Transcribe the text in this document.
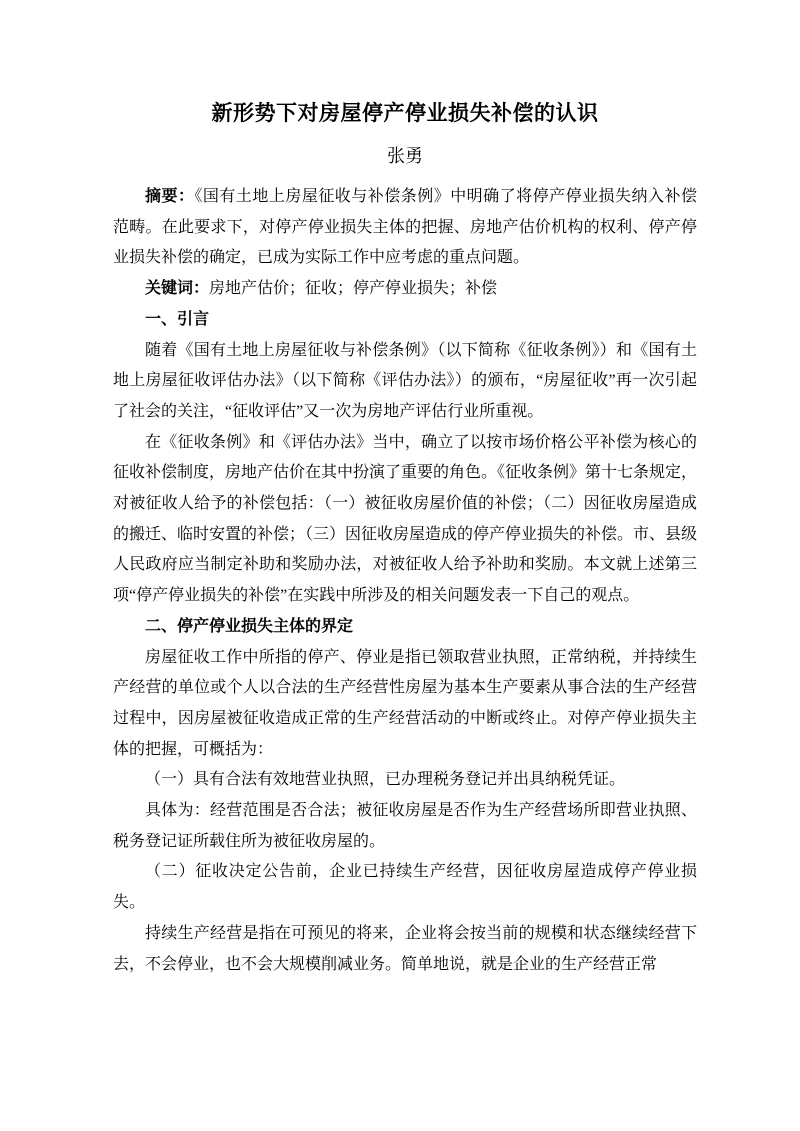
新形势下对房屋停产停业损失补偿的认识
张勇

摘要：《国有土地上房屋征收与补偿条例》中明确了将停产停业损失纳入补偿范畴。在此要求下，对停产停业损失主体的把握、房地产估价机构的权利、停产停业损失补偿的确定，已成为实际工作中应考虑的重点问题。

关键词：房地产估价；征收；停产停业损失；补偿

一、引言

随着《国有土地上房屋征收与补偿条例》（以下简称《征收条例》）和《国有土地上房屋征收评估办法》（以下简称《评估办法》）的颁布，“房屋征收”再一次引起了社会的关注，“征收评估”又一次为房地产评估行业所重视。

在《征收条例》和《评估办法》当中，确立了以按市场价格公平补偿为核心的征收补偿制度，房地产估价在其中扮演了重要的角色。《征收条例》第十七条规定，对被征收人给予的补偿包括：（一）被征收房屋价值的补偿；（二）因征收房屋造成的搬迁、临时安置的补偿；（三）因征收房屋造成的停产停业损失的补偿。市、县级人民政府应当制定补助和奖励办法，对被征收人给予补助和奖励。本文就上述第三项“停产停业损失的补偿”在实践中所涉及的相关问题发表一下自己的观点。

二、停产停业损失主体的界定

房屋征收工作中所指的停产、停业是指已领取营业执照，正常纳税，并持续生产经营的单位或个人以合法的生产经营性房屋为基本生产要素从事合法的生产经营过程中，因房屋被征收造成正常的生产经营活动的中断或终止。对停产停业损失主体的把握，可概括为：

（一）具有合法有效地营业执照，已办理税务登记并出具纳税凭证。

具体为：经营范围是否合法；被征收房屋是否作为生产经营场所即营业执照、税务登记证所载住所为被征收房屋的。

（二）征收决定公告前，企业已持续生产经营，因征收房屋造成停产停业损失。

持续生产经营是指在可预见的将来，企业将会按当前的规模和状态继续经营下去，不会停业，也不会大规模削减业务。简单地说，就是企业的生产经营正常
